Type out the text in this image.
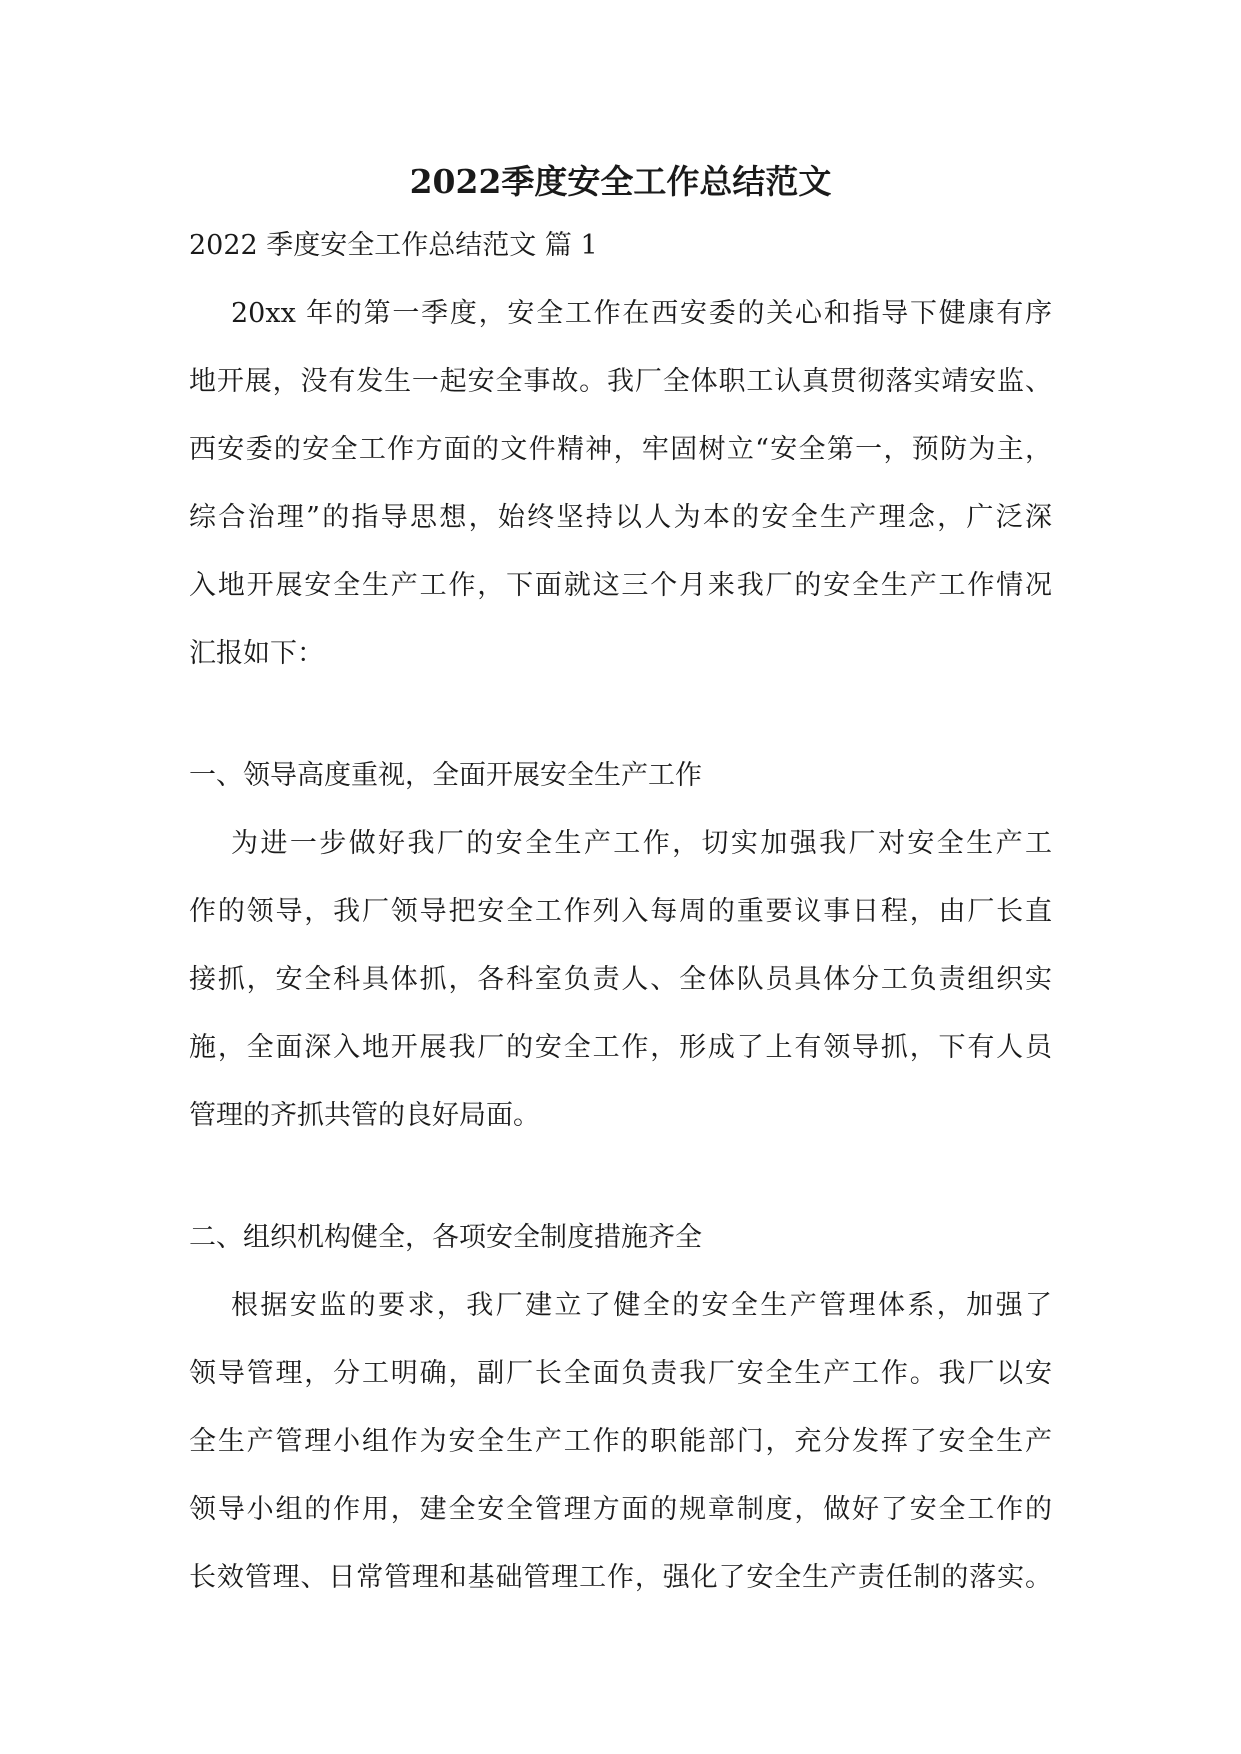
2022季度安全工作总结范文
2022 季度安全工作总结范文 篇 1
20xx 年的第一季度，安全工作在西安委的关心和指导下健康有序
地开展，没有发生一起安全事故。我厂全体职工认真贯彻落实靖安监、
西安委的安全工作方面的文件精神，牢固树立“安全第一，预防为主，
综合治理”的指导思想，始终坚持以人为本的安全生产理念，广泛深
入地开展安全生产工作，下面就这三个月来我厂的安全生产工作情况
汇报如下：
一、领导高度重视，全面开展安全生产工作
为进一步做好我厂的安全生产工作，切实加强我厂对安全生产工
作的领导，我厂领导把安全工作列入每周的重要议事日程，由厂长直
接抓，安全科具体抓，各科室负责人、全体队员具体分工负责组织实
施，全面深入地开展我厂的安全工作，形成了上有领导抓，下有人员
管理的齐抓共管的良好局面。
二、组织机构健全，各项安全制度措施齐全
根据安监的要求，我厂建立了健全的安全生产管理体系，加强了
领导管理，分工明确，副厂长全面负责我厂安全生产工作。我厂以安
全生产管理小组作为安全生产工作的职能部门，充分发挥了安全生产
领导小组的作用，建全安全管理方面的规章制度，做好了安全工作的
长效管理、日常管理和基础管理工作，强化了安全生产责任制的落实。
